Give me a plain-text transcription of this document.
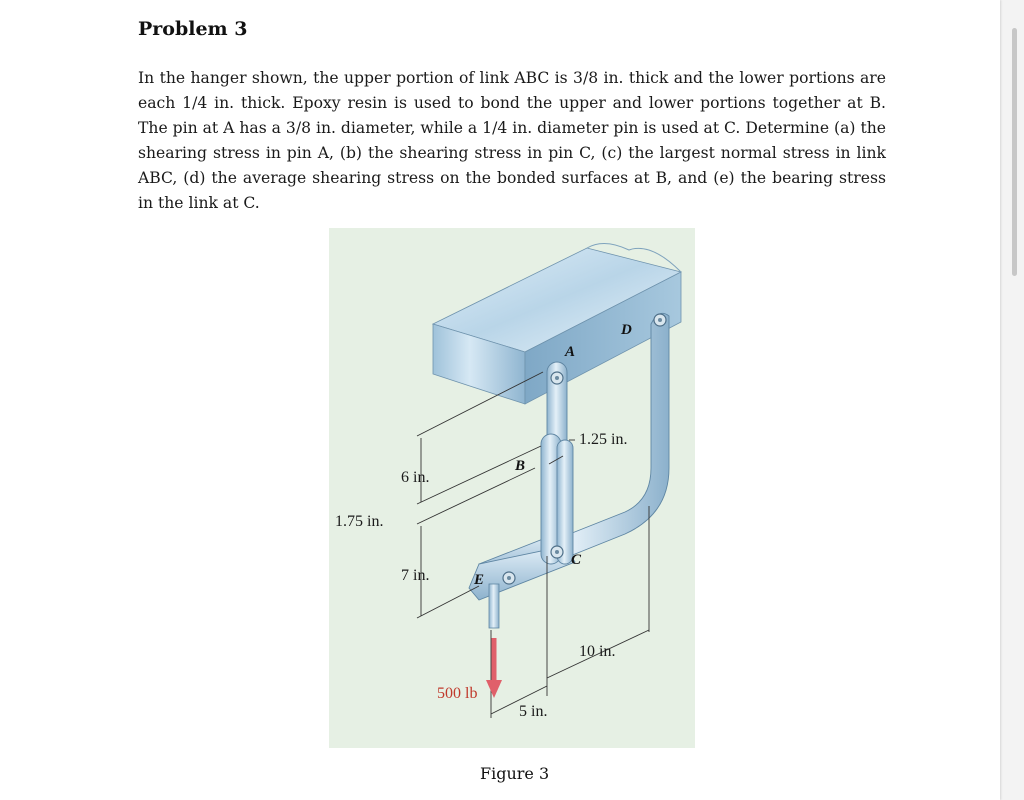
Problem 3

In the hanger shown, the upper portion of link ABC is 3/8 in. thick and the lower portions are each 1/4 in. thick. Epoxy resin is used to bond the upper and lower portions together at B. The pin at A has a 3/8 in. diameter, while a 1/4 in. diameter pin is used at C. Determine (a) the shearing stress in pin A, (b) the shearing stress in pin C, (c) the largest normal stress in link ABC, (d) the average shearing stress on the bonded surfaces at B, and (e) the bearing stress in the link at C.

A
B
C
D
E
1.25 in.
6 in.
1.75 in.
7 in.
10 in.
5 in.
500 lb
Figure 3
